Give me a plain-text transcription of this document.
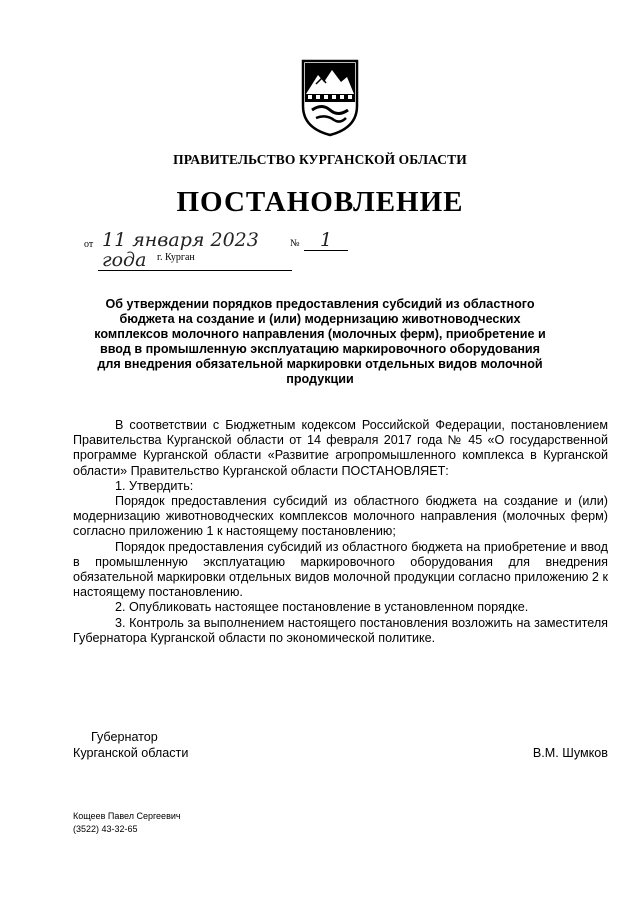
ПРАВИТЕЛЬСТВО КУРГАНСКОЙ ОБЛАСТИ
ПОСТАНОВЛЕНИЕ
от 11 января 2023 года
№	1
г. Курган
Об утверждении порядков предоставления субсидий из областного бюджета на создание и (или) модернизацию животноводческих комплексов молочного направления (молочных ферм), приобретение и ввод в промышленную эксплуатацию маркировочного оборудования для внедрения обязательной маркировки отдельных видов молочной продукции

В соответствии с Бюджетным кодексом Российской Федерации, постановлением Правительства Курганской области от 14 февраля 2017 года № 45 «О государственной программе Курганской области «Развитие агропромышленного комплекса в Курганской области» Правительство Курганской области ПОСТАНОВЛЯЕТ:

1. Утвердить:

Порядок предоставления субсидий из областного бюджета на создание и (или) модернизацию животноводческих комплексов молочного направления (молочных ферм) согласно приложению 1 к настоящему постановлению;

Порядок предоставления субсидий из областного бюджета на приобретение и ввод в промышленную эксплуатацию маркировочного оборудования для внедрения обязательной маркировки отдельных видов молочной продукции согласно приложению 2 к настоящему постановлению.

2. Опубликовать настоящее постановление в установленном порядке.

3. Контроль за выполнением настоящего постановления возложить на заместителя Губернатора Курганской области по экономической политике.

Губернатор
Курганской области	В.М. Шумков
Кощеев Павел Сергеевич
(3522) 43-32-65
